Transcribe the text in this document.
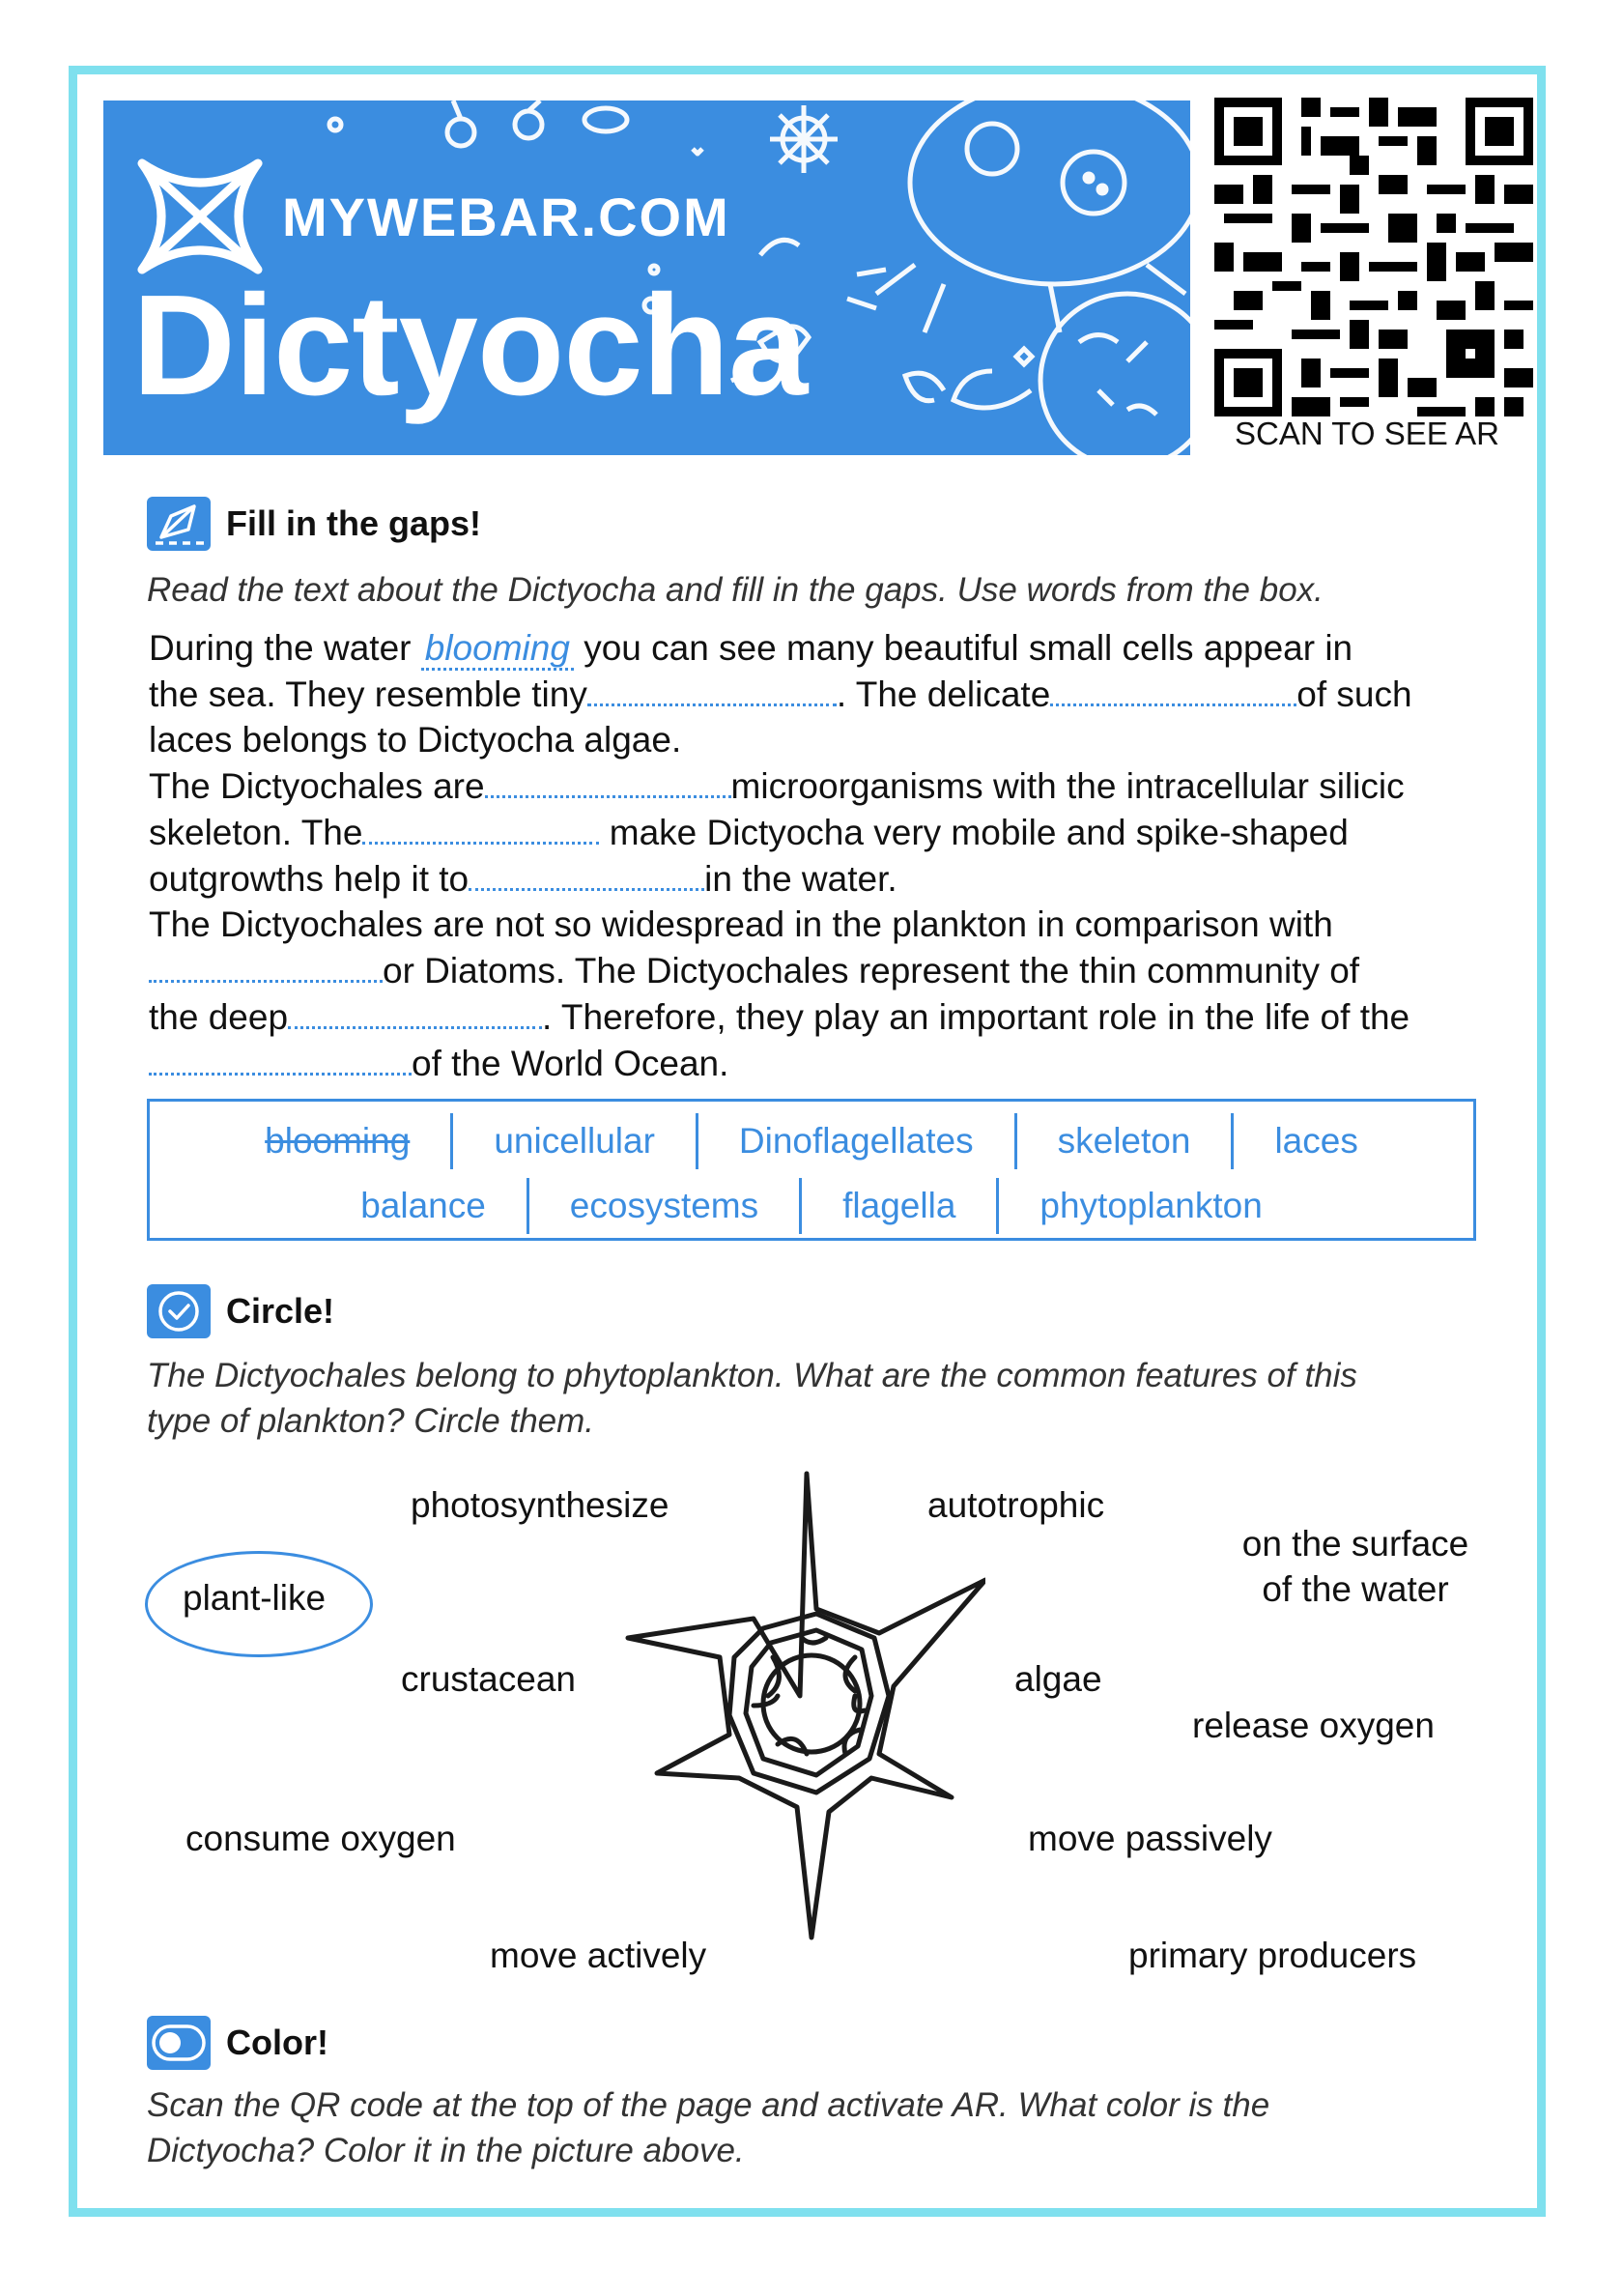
MYWEBAR.COM
Dictyocha
SCAN TO SEE AR
Fill in the gaps!
Read the text about the Dictyocha and fill in the gaps. Use words from the box.
During the water blooming you can see many beautiful small cells appear in
the sea. They resemble tiny	. The delicate	of such
laces belongs to Dictyocha algae.
The Dictyochales are	microorganisms with the intracellular silicic
skeleton. The	make Dictyocha very mobile and spike-shaped
outgrowths help it to	in the water.
The Dictyochales are not so widespread in the plankton in comparison with
or Diatoms. The Dictyochales represent the thin community of
the deep	. Therefore, they play an important role in the life of the
of the World Ocean.
blooming	unicellular	Dinoflagellates	skeleton	laces
balance	ecosystems	flagella	phytoplankton
Circle!
The Dictyochales belong to phytoplankton. What are the common features of this
type of plankton? Circle them.
photosynthesize	autotrophic
on the surface
of the water
plant-like
crustacean	algae
release oxygen
consume oxygen	move passively
move actively	primary producers
Color!
Scan the QR code at the top of the page and activate AR. What color is the
Dictyocha? Color it in the picture above.
